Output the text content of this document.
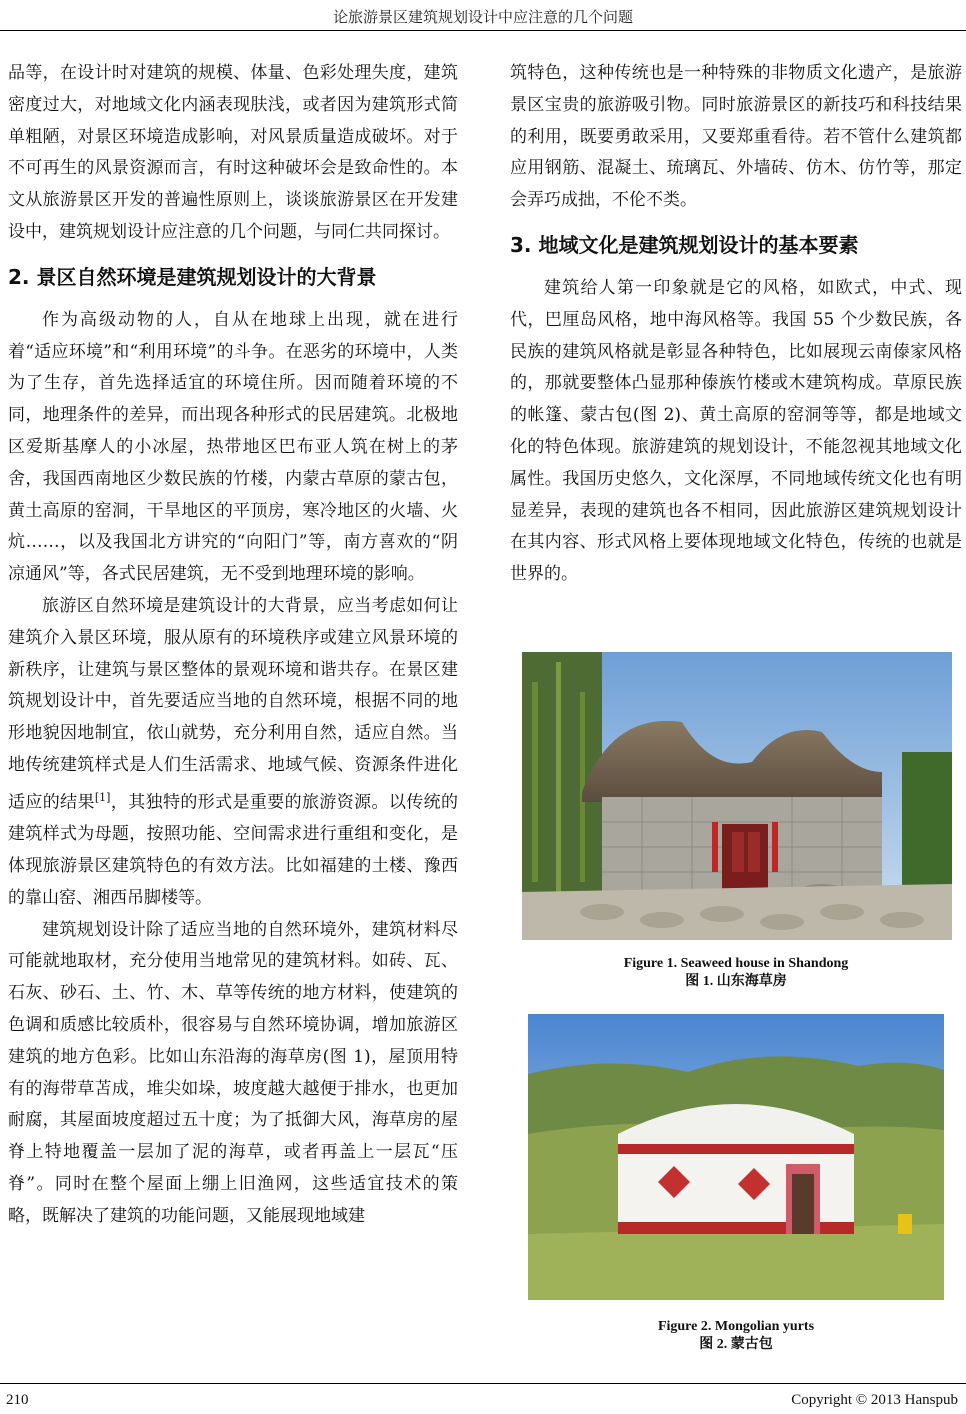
论旅游景区建筑规划设计中应注意的几个问题

品等，在设计时对建筑的规模、体量、色彩处理失度，建筑密度过大，对地域文化内涵表现肤浅，或者因为建筑形式简单粗陋，对景区环境造成影响，对风景质量造成破坏。对于不可再生的风景资源而言，有时这种破坏会是致命性的。本文从旅游景区开发的普遍性原则上，谈谈旅游景区在开发建设中，建筑规划设计应注意的几个问题，与同仁共同探讨。

2. 景区自然环境是建筑规划设计的大背景

作为高级动物的人，自从在地球上出现，就在进行着“适应环境”和“利用环境”的斗争。在恶劣的环境中，人类为了生存，首先选择适宜的环境住所。因而随着环境的不同，地理条件的差异，而出现各种形式的民居建筑。北极地区爱斯基摩人的小冰屋，热带地区巴布亚人筑在树上的茅舍，我国西南地区少数民族的竹楼，内蒙古草原的蒙古包，黄土高原的窑洞，干旱地区的平顶房，寒冷地区的火墙、火炕……，以及我国北方讲究的“向阳门”等，南方喜欢的“阴凉通风”等，各式民居建筑，无不受到地理环境的影响。

旅游区自然环境是建筑设计的大背景，应当考虑如何让建筑介入景区环境，服从原有的环境秩序或建立风景环境的新秩序，让建筑与景区整体的景观环境和谐共存。在景区建筑规划设计中，首先要适应当地的自然环境，根据不同的地形地貌因地制宜，依山就势，充分利用自然，适应自然。当地传统建筑样式是人们生活需求、地域气候、资源条件进化适应的结果[1]，其独特的形式是重要的旅游资源。以传统的建筑样式为母题，按照功能、空间需求进行重组和变化，是体现旅游景区建筑特色的有效方法。比如福建的土楼、豫西的靠山窑、湘西吊脚楼等。

建筑规划设计除了适应当地的自然环境外，建筑材料尽可能就地取材，充分使用当地常见的建筑材料。如砖、瓦、石灰、砂石、土、竹、木、草等传统的地方材料，使建筑的色调和质感比较质朴，很容易与自然环境协调，增加旅游区建筑的地方色彩。比如山东沿海的海草房(图 1)，屋顶用特有的海带草苫成，堆尖如垛，坡度越大越便于排水，也更加耐腐，其屋面坡度超过五十度；为了抵御大风，海草房的屋脊上特地覆盖一层加了泥的海草，或者再盖上一层瓦“压脊”。同时在整个屋面上绷上旧渔网，这些适宜技术的策略，既解决了建筑的功能问题，又能展现地域建

筑特色，这种传统也是一种特殊的非物质文化遗产，是旅游景区宝贵的旅游吸引物。同时旅游景区的新技巧和科技结果的利用，既要勇敢采用，又要郑重看待。若不管什么建筑都应用钢筋、混凝土、琉璃瓦、外墙砖、仿木、仿竹等，那定会弄巧成拙，不伦不类。

3. 地域文化是建筑规划设计的基本要素

建筑给人第一印象就是它的风格，如欧式，中式、现代，巴厘岛风格，地中海风格等。我国 55 个少数民族，各民族的建筑风格就是彰显各种特色，比如展现云南傣家风格的，那就要整体凸显那种傣族竹楼或木建筑构成。草原民族的帐篷、蒙古包(图 2)、黄土高原的窑洞等等，都是地域文化的特色体现。旅游建筑的规划设计，不能忽视其地域文化属性。我国历史悠久，文化深厚，不同地域传统文化也有明显差异，表现的建筑也各不相同，因此旅游区建筑规划设计在其内容、形式风格上要体现地域文化特色，传统的也就是世界的。

Figure 1. Seaweed house in Shandong
图 1. 山东海草房
Figure 2. Mongolian yurts
图 2. 蒙古包
210	Copyright © 2013 Hanspub
